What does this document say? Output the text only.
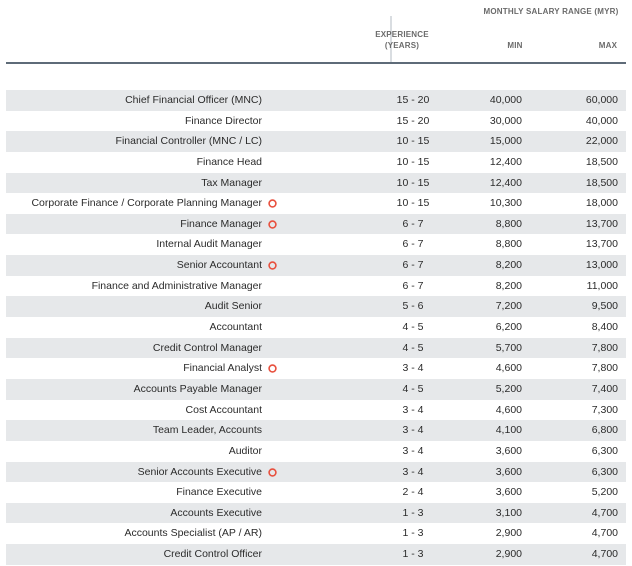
MONTHLY SALARY RANGE (MYR)
EXPERIENCE
(YEARS)	MIN	MAX
Chief Financial Officer (MNC)	15 - 20	40,000	60,000
Finance Director	15 - 20	30,000	40,000
Financial Controller (MNC / LC)	10 - 15	15,000	22,000
Finance Head	10 - 15	12,400	18,500
Tax Manager	10 - 15	12,400	18,500
Corporate Finance / Corporate Planning Manager	10 - 15	10,300	18,000
Finance Manager	6 - 7	8,800	13,700
Internal Audit Manager	6 - 7	8,800	13,700
Senior Accountant	6 - 7	8,200	13,000
Finance and Administrative Manager	6 - 7	8,200	11,000
Audit Senior	5 - 6	7,200	9,500
Accountant	4 - 5	6,200	8,400
Credit Control Manager	4 - 5	5,700	7,800
Financial Analyst	3 - 4	4,600	7,800
Accounts Payable Manager	4 - 5	5,200	7,400
Cost Accountant	3 - 4	4,600	7,300
Team Leader, Accounts	3 - 4	4,100	6,800
Auditor	3 - 4	3,600	6,300
Senior Accounts Executive	3 - 4	3,600	6,300
Finance Executive	2 - 4	3,600	5,200
Accounts Executive	1 - 3	3,100	4,700
Accounts Specialist (AP / AR)	1 - 3	2,900	4,700
Credit Control Officer	1 - 3	2,900	4,700
